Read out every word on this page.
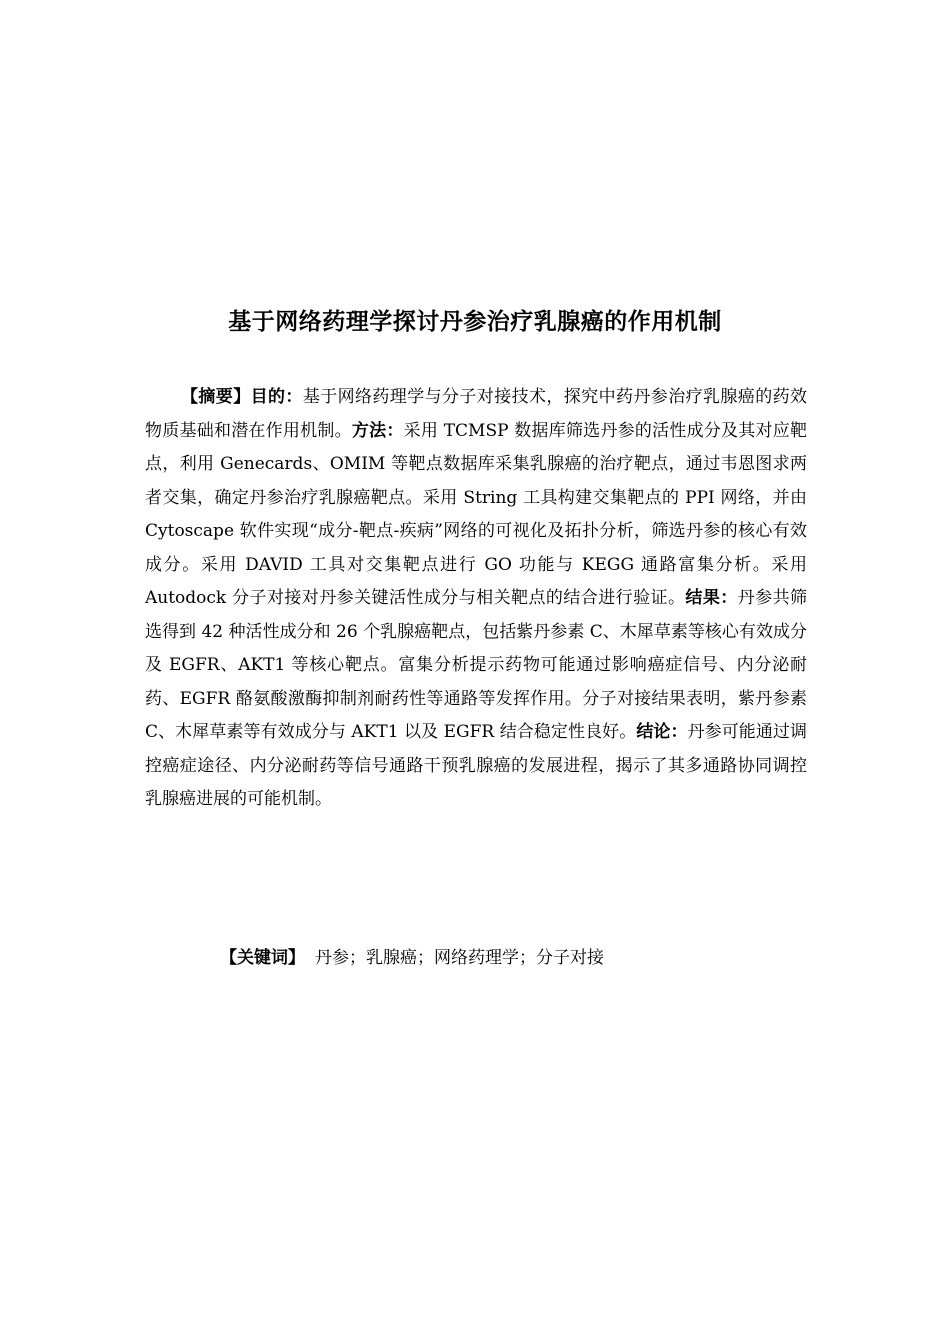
基于网络药理学探讨丹参治疗乳腺癌的作用机制
【摘要】目的：基于网络药理学与分子对接技术，探究中药丹参治疗乳腺癌的药效物质基础和潜在作用机制。方法：采用 TCMSP 数据库筛选丹参的活性成分及其对应靶点，利用 Genecards、OMIM 等靶点数据库采集乳腺癌的治疗靶点，通过韦恩图求两者交集，确定丹参治疗乳腺癌靶点。采用 String 工具构建交集靶点的 PPI 网络，并由 Cytoscape 软件实现“成分-靶点-疾病”网络的可视化及拓扑分析，筛选丹参的核心有效成分。采用 DAVID 工具对交集靶点进行 GO 功能与 KEGG 通路富集分析。采用 Autodock 分子对接对丹参关键活性成分与相关靶点的结合进行验证。结果：丹参共筛选得到 42 种活性成分和 26 个乳腺癌靶点，包括紫丹参素 C、木犀草素等核心有效成分及 EGFR、AKT1 等核心靶点。富集分析提示药物可能通过影响癌症信号、内分泌耐药、EGFR 酪氨酸激酶抑制剂耐药性等通路等发挥作用。分子对接结果表明，紫丹参素 C、木犀草素等有效成分与 AKT1 以及 EGFR 结合稳定性良好。结论：丹参可能通过调控癌症途径、内分泌耐药等信号通路干预乳腺癌的发展进程，揭示了其多通路协同调控乳腺癌进展的可能机制。
【关键词】 丹参；乳腺癌；网络药理学；分子对接
